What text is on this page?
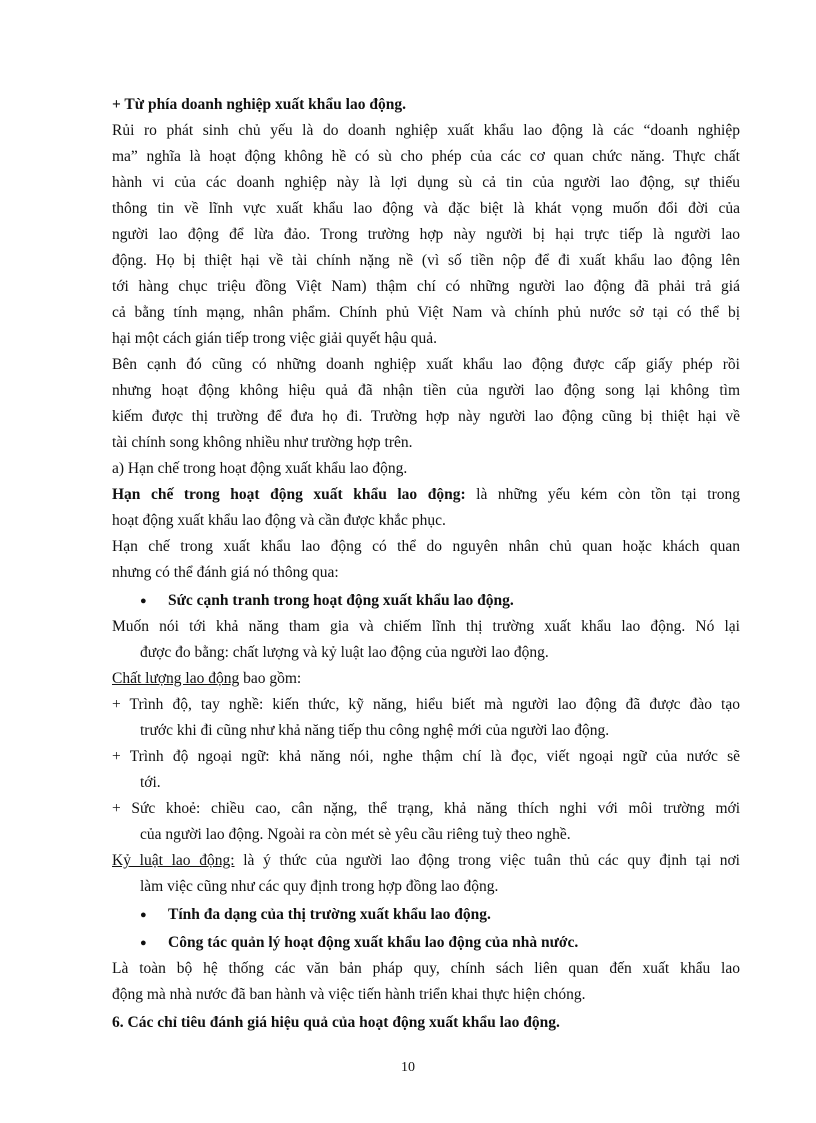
+ Từ phía doanh nghiệp xuất khẩu lao động.
Rủi ro phát sinh chủ yếu là do doanh nghiệp xuất khẩu lao động là các “doanh nghiệp
ma” nghĩa là hoạt động không hề có sù cho phép của các cơ quan chức năng. Thực chất
hành vi của các doanh nghiệp này là lợi dụng sù cả tin của người lao động, sự thiếu
thông tin về lĩnh vực xuất khẩu lao động và đặc biệt là khát vọng muốn đổi đời của
người lao động để lừa đảo. Trong trường hợp này người bị hại trực tiếp là người lao
động. Họ bị thiệt hại về tài chính nặng nề (vì số tiền nộp để đi xuất khẩu lao động lên
tới hàng chục triệu đồng Việt Nam) thậm chí có những người lao động đã phải trả giá
cả bằng tính mạng, nhân phẩm. Chính phủ Việt Nam và chính phủ nước sở tại có thể bị
hại một cách gián tiếp trong việc giải quyết hậu quả.
Bên cạnh đó cũng có những doanh nghiệp xuất khẩu lao động được cấp giấy phép rồi
nhưng hoạt động không hiệu quả đã nhận tiền của người lao động song lại không tìm
kiếm được thị trường để đưa họ đi. Trường hợp này người lao động cũng bị thiệt hại về
tài chính song không nhiều như trường hợp trên.
a) Hạn chế trong hoạt động xuất khẩu lao động.
Hạn chế trong hoạt động xuất khẩu lao động: là những yếu kém còn tồn tại trong
hoạt động xuất khẩu lao động và cần được khắc phục.
Hạn chế trong xuất khẩu lao động có thể do nguyên nhân chủ quan hoặc khách quan
nhưng có thể đánh giá nó thông qua:
● Sức cạnh tranh trong hoạt động xuất khẩu lao động.
Muốn nói tới khả năng tham gia và chiếm lĩnh thị trường xuất khẩu lao động. Nó lại
được đo bằng: chất lượng và kỷ luật lao động của người lao động.
Chất lượng lao động bao gồm:
+ Trình độ, tay nghề: kiến thức, kỹ năng, hiểu biết mà người lao động đã được đào tạo
trước khi đi cũng như khả năng tiếp thu công nghệ mới của người lao động.
+ Trình độ ngoại ngữ: khả năng nói, nghe thậm chí là đọc, viết ngoại ngữ của nước sẽ
tới.
+ Sức khoẻ: chiều cao, cân nặng, thể trạng, khả năng thích nghi với môi trường mới
của người lao động. Ngoài ra còn mét sè yêu cầu riêng tuỳ theo nghề.
Kỷ luật lao động: là ý thức của người lao động trong việc tuân thủ các quy định tại nơi
làm việc cũng như các quy định trong hợp đồng lao động.
● Tính đa dạng của thị trường xuất khẩu lao động.
● Công tác quản lý hoạt động xuất khẩu lao động của nhà nước.
Là toàn bộ hệ thống các văn bản pháp quy, chính sách liên quan đến xuất khẩu lao
động mà nhà nước đã ban hành và việc tiến hành triển khai thực hiện chóng.
6. Các chỉ tiêu đánh giá hiệu quả của hoạt động xuất khẩu lao động.
10
